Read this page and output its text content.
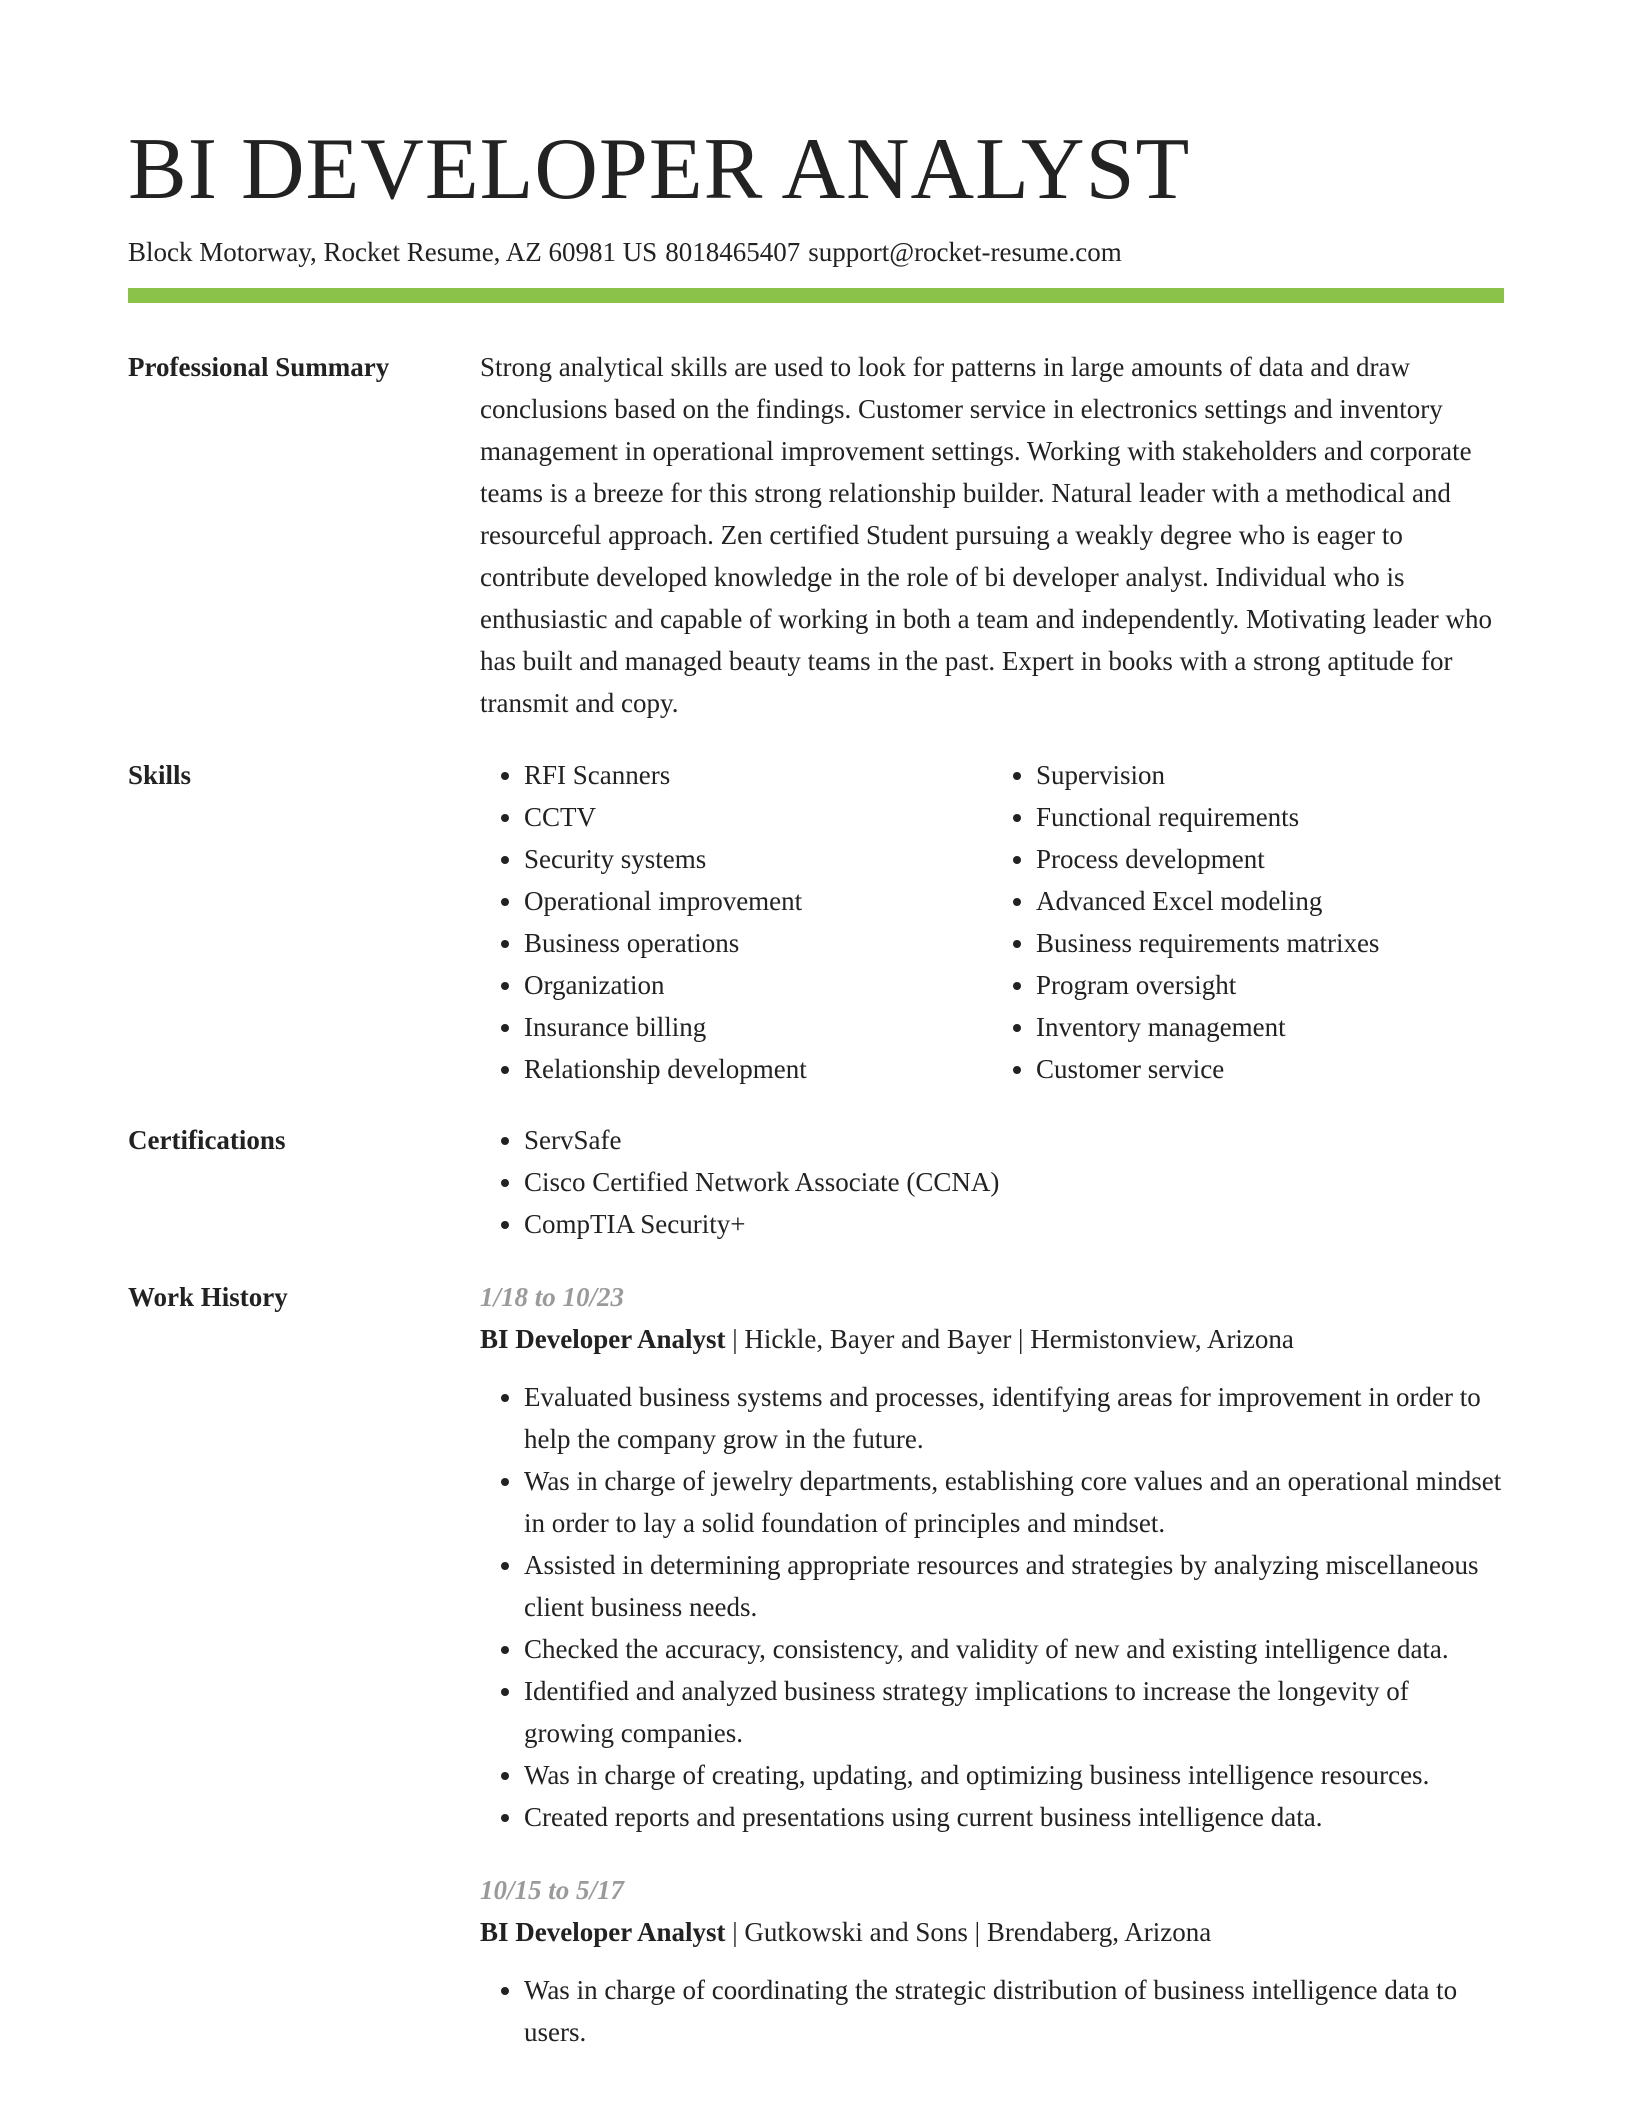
BI DEVELOPER ANALYST
Block Motorway, Rocket Resume, AZ 60981 US 8018465407 support@rocket-resume.com
Professional Summary	Strong analytical skills are used to look for patterns in large amounts of data and draw conclusions based on the findings. Customer service in electronics settings and inventory management in operational improvement settings. Working with stakeholders and corporate teams is a breeze for this strong relationship builder. Natural leader with a methodical and resourceful approach. Zen certified Student pursuing a weakly degree who is eager to contribute developed knowledge in the role of bi developer analyst. Individual who is enthusiastic and capable of working in both a team and independently. Motivating leader who has built and managed beauty teams in the past. Expert in books with a strong aptitude for transmit and copy.
Skills	• RFI Scanners
• CCTV
• Security systems
• Operational improvement
• Business operations
• Organization
• Insurance billing
• Relationship development
• Supervision
• Functional requirements
• Process development
• Advanced Excel modeling
• Business requirements matrixes
• Program oversight
• Inventory management
• Customer service
Certifications	• ServSafe
• Cisco Certified Network Associate (CCNA)
• CompTIA Security+
Work History	1/18 to 10/23
BI Developer Analyst | Hickle, Bayer and Bayer | Hermistonview, Arizona
• Evaluated business systems and processes, identifying areas for improvement in order to help the company grow in the future.
• Was in charge of jewelry departments, establishing core values and an operational mindset in order to lay a solid foundation of principles and mindset.
• Assisted in determining appropriate resources and strategies by analyzing miscellaneous client business needs.
• Checked the accuracy, consistency, and validity of new and existing intelligence data.
• Identified and analyzed business strategy implications to increase the longevity of growing companies.
• Was in charge of creating, updating, and optimizing business intelligence resources.
• Created reports and presentations using current business intelligence data.
10/15 to 5/17
BI Developer Analyst | Gutkowski and Sons | Brendaberg, Arizona
• Was in charge of coordinating the strategic distribution of business intelligence data to users.
